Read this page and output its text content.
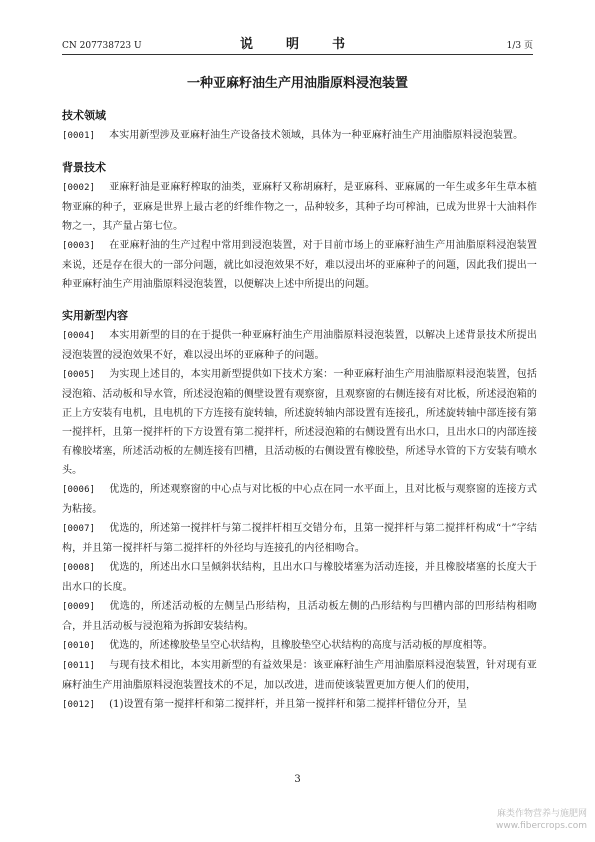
CN 207738723 U	说　明　书	1/3 页
一种亚麻籽油生产用油脂原料浸泡装置
技术领域

[0001] 本实用新型涉及亚麻籽油生产设备技术领域，具体为一种亚麻籽油生产用油脂原料浸泡装置。

背景技术

[0002] 亚麻籽油是亚麻籽榨取的油类，亚麻籽又称胡麻籽，是亚麻科、亚麻属的一年生或多年生草本植物亚麻的种子，亚麻是世界上最古老的纤维作物之一，品种较多，其种子均可榨油，已成为世界十大油料作物之一，其产量占第七位。

[0003] 在亚麻籽油的生产过程中常用到浸泡装置，对于目前市场上的亚麻籽油生产用油脂原料浸泡装置来说，还是存在很大的一部分问题，就比如浸泡效果不好，难以浸出坏的亚麻种子的问题，因此我们提出一种亚麻籽油生产用油脂原料浸泡装置，以便解决上述中所提出的问题。

实用新型内容

[0004] 本实用新型的目的在于提供一种亚麻籽油生产用油脂原料浸泡装置，以解决上述背景技术所提出浸泡装置的浸泡效果不好，难以浸出坏的亚麻种子的问题。

[0005] 为实现上述目的，本实用新型提供如下技术方案：一种亚麻籽油生产用油脂原料浸泡装置，包括浸泡箱、活动板和导水管，所述浸泡箱的侧壁设置有观察窗，且观察窗的右侧连接有对比板，所述浸泡箱的正上方安装有电机，且电机的下方连接有旋转轴，所述旋转轴内部设置有连接孔，所述旋转轴中部连接有第一搅拌杆，且第一搅拌杆的下方设置有第二搅拌杆，所述浸泡箱的右侧设置有出水口，且出水口的内部连接有橡胶堵塞，所述活动板的左侧连接有凹槽，且活动板的右侧设置有橡胶垫，所述导水管的下方安装有喷水头。

[0006] 优选的，所述观察窗的中心点与对比板的中心点在同一水平面上，且对比板与观察窗的连接方式为粘接。

[0007] 优选的，所述第一搅拌杆与第二搅拌杆相互交错分布，且第一搅拌杆与第二搅拌杆构成“十”字结构，并且第一搅拌杆与第二搅拌杆的外径均与连接孔的内径相吻合。

[0008] 优选的，所述出水口呈倾斜状结构，且出水口与橡胶堵塞为活动连接，并且橡胶堵塞的长度大于出水口的长度。

[0009] 优选的，所述活动板的左侧呈凸形结构，且活动板左侧的凸形结构与凹槽内部的凹形结构相吻合，并且活动板与浸泡箱为拆卸安装结构。

[0010] 优选的，所述橡胶垫呈空心状结构，且橡胶垫空心状结构的高度与活动板的厚度相等。

[0011] 与现有技术相比，本实用新型的有益效果是：该亚麻籽油生产用油脂原料浸泡装置，针对现有亚麻籽油生产用油脂原料浸泡装置技术的不足，加以改进，进而使该装置更加方便人们的使用，

[0012] (1)设置有第一搅拌杆和第二搅拌杆，并且第一搅拌杆和第二搅拌杆错位分开，呈

3
麻类作物营养与施肥网
www.fibercrops.com
